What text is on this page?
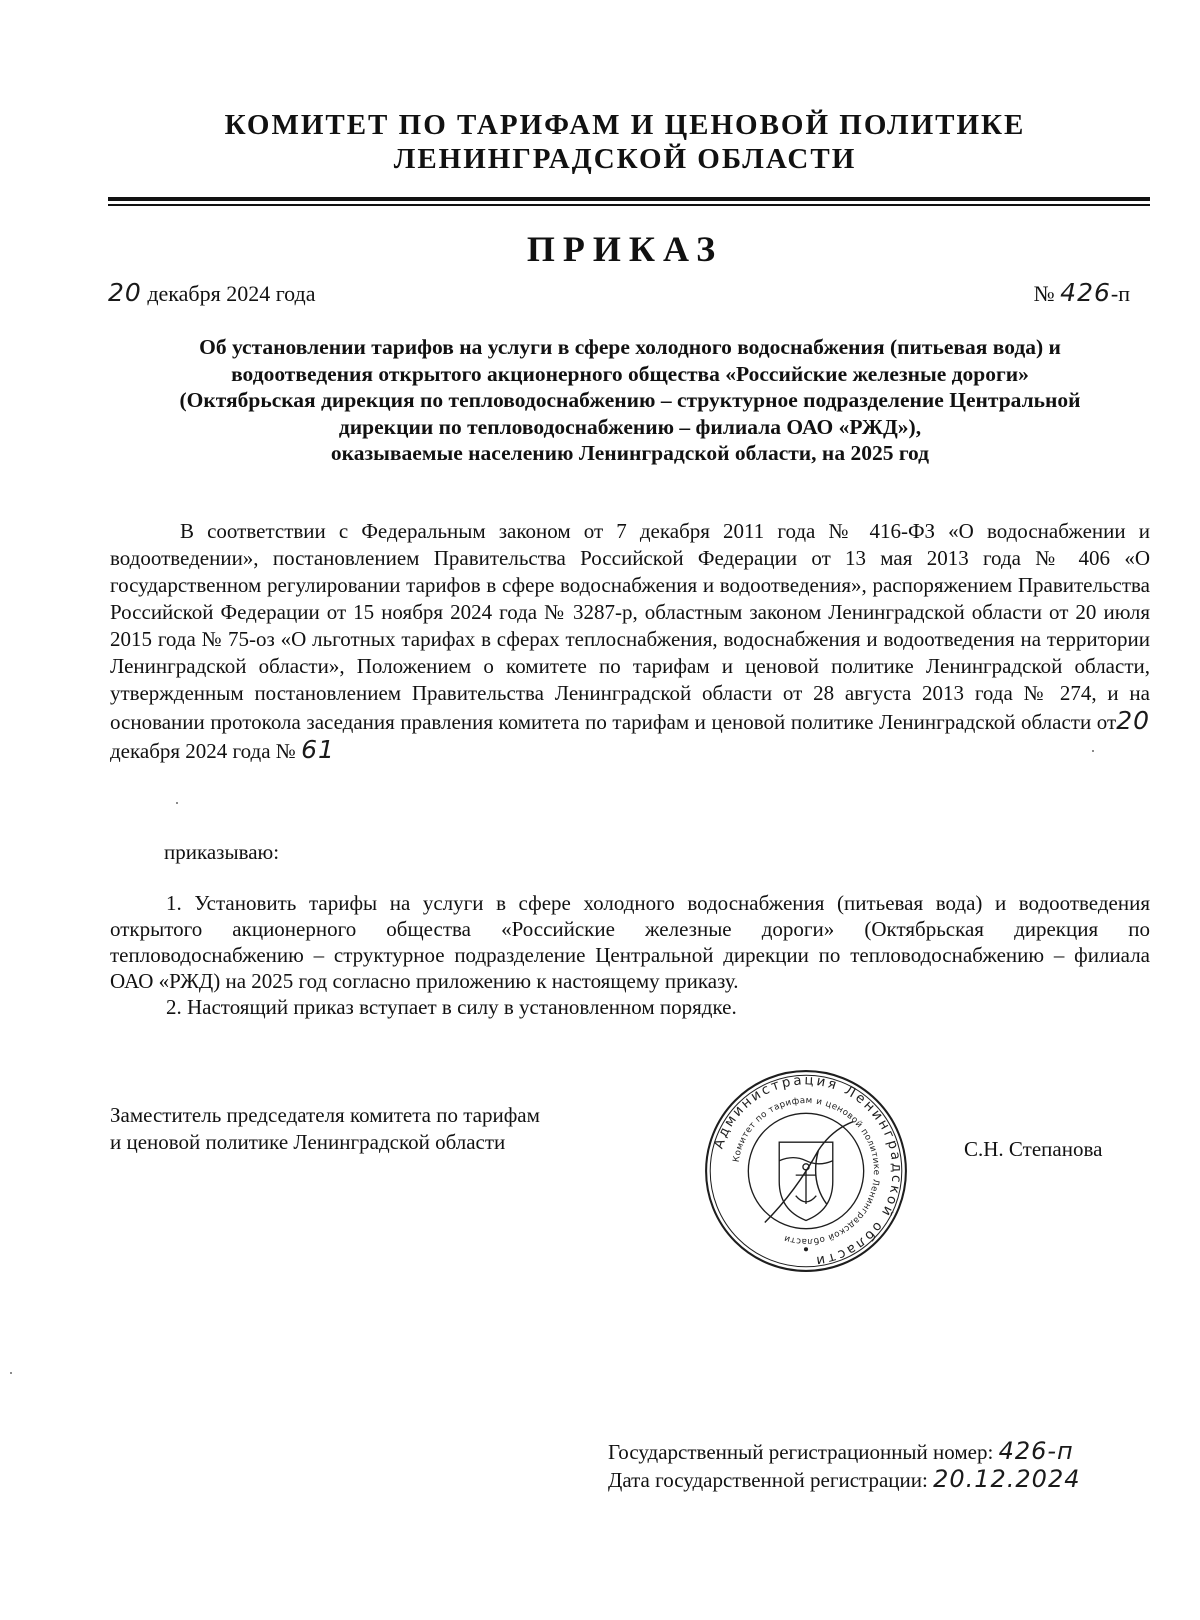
КОМИТЕТ ПО ТАРИФАМ И ЦЕНОВОЙ ПОЛИТИКЕ
ЛЕНИНГРАДСКОЙ ОБЛАСТИ
ПРИКАЗ
20 декабря 2024 года	№ 426-п
Об установлении тарифов на услуги в сфере холодного водоснабжения (питьевая вода) и
водоотведения открытого акционерного общества «Российские железные дороги»
(Октябрьская дирекция по тепловодоснабжению – структурное подразделение Центральной
дирекции по тепловодоснабжению – филиала ОАО «РЖД»),
оказываемые населению Ленинградской области, на 2025 год
В соответствии с Федеральным законом от 7 декабря 2011 года № 416-ФЗ «О водоснабжении и водоотведении», постановлением Правительства Российской Федерации от 13 мая 2013 года № 406 «О государственном регулировании тарифов в сфере водоснабжения и водоотведения», распоряжением Правительства Российской Федерации от 15 ноября 2024 года № 3287-р, областным законом Ленинградской области от 20 июля 2015 года № 75-оз «О льготных тарифах в сферах теплоснабжения, водоснабжения и водоотведения на территории Ленинградской области», Положением о комитете по тарифам и ценовой политике Ленинградской области, утвержденным постановлением Правительства Ленинградской области от 28 августа 2013 года № 274, и на основании протокола заседания правления комитета по тарифам и ценовой политике Ленинградской области от20 декабря 2024 года № 61
приказываю:

1. Установить тарифы на услуги в сфере холодного водоснабжения (питьевая вода) и водоотведения открытого акционерного общества «Российские железные дороги» (Октябрьская дирекция по тепловодоснабжению – структурное подразделение Центральной дирекции по тепловодоснабжению – филиала ОАО «РЖД) на 2025 год согласно приложению к настоящему приказу.

2. Настоящий приказ вступает в силу в установленном порядке.

Заместитель председателя комитета по тарифам
и ценовой политике Ленинградской области	Администрация Ленинградской области
Комитет по тарифам и ценовой политике Ленинградской области
С.Н. Степанова
Государственный регистрационный номер: 426-п
Дата государственной регистрации: 20.12.2024
